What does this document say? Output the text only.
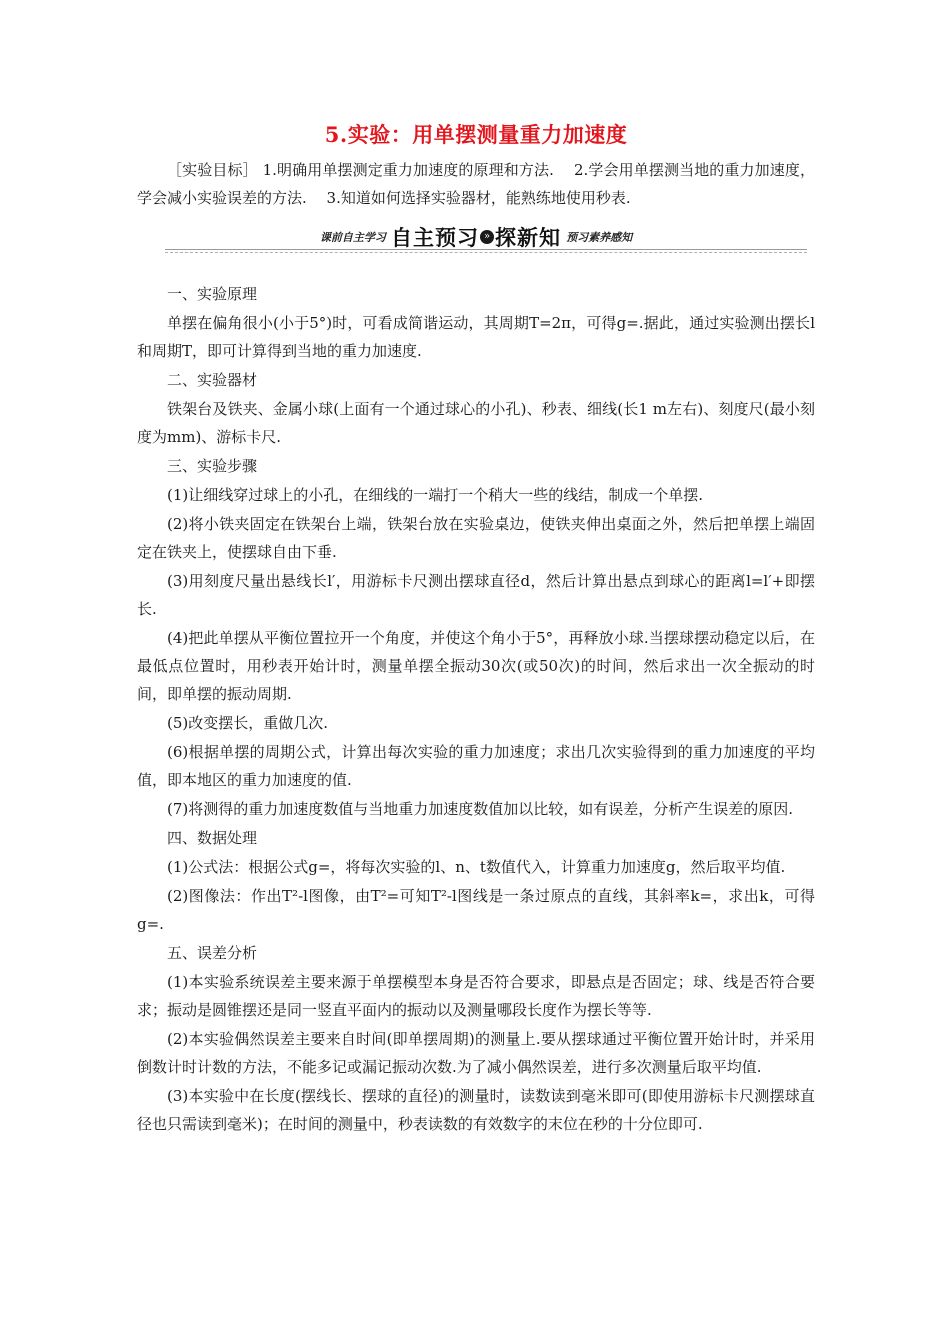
5.实验：用单摆测量重力加速度

［实验目标］ 1.明确用单摆测定重力加速度的原理和方法.　 2.学会用单摆测当地的重力加速度，学会减小实验误差的方法.　 3.知道如何选择实验器材，能熟练地使用秒表.

课前自主学习 自主预习 » 探新知 预习素养感知

一、实验原理

单摆在偏角很小(小于5°)时，可看成简谐运动，其周期T=2π，可得g=.据此，通过实验测出摆长l和周期T，即可计算得到当地的重力加速度.

二、实验器材

铁架台及铁夹、金属小球(上面有一个通过球心的小孔)、秒表、细线(长1 m左右)、刻度尺(最小刻度为mm)、游标卡尺.

三、实验步骤

(1)让细线穿过球上的小孔，在细线的一端打一个稍大一些的线结，制成一个单摆.

(2)将小铁夹固定在铁架台上端，铁架台放在实验桌边，使铁夹伸出桌面之外，然后把单摆上端固定在铁夹上，使摆球自由下垂.

(3)用刻度尺量出悬线长l′，用游标卡尺测出摆球直径d，然后计算出悬点到球心的距离l=l′+即摆长.

(4)把此单摆从平衡位置拉开一个角度，并使这个角小于5°，再释放小球.当摆球摆动稳定以后，在最低点位置时，用秒表开始计时，测量单摆全振动30次(或50次)的时间，然后求出一次全振动的时间，即单摆的振动周期.

(5)改变摆长，重做几次.

(6)根据单摆的周期公式，计算出每次实验的重力加速度；求出几次实验得到的重力加速度的平均值，即本地区的重力加速度的值.

(7)将测得的重力加速度数值与当地重力加速度数值加以比较，如有误差，分析产生误差的原因.

四、数据处理

(1)公式法：根据公式g=，将每次实验的l、n、t数值代入，计算重力加速度g，然后取平均值.

(2)图像法：作出T²-l图像，由T²=可知T²-l图线是一条过原点的直线，其斜率k=，求出k，可得g=.

五、误差分析

(1)本实验系统误差主要来源于单摆模型本身是否符合要求，即悬点是否固定；球、线是否符合要求；振动是圆锥摆还是同一竖直平面内的振动以及测量哪段长度作为摆长等等.

(2)本实验偶然误差主要来自时间(即单摆周期)的测量上.要从摆球通过平衡位置开始计时，并采用倒数计时计数的方法，不能多记或漏记振动次数.为了减小偶然误差，进行多次测量后取平均值.

(3)本实验中在长度(摆线长、摆球的直径)的测量时，读数读到毫米即可(即使用游标卡尺测摆球直径也只需读到毫米)；在时间的测量中，秒表读数的有效数字的末位在秒的十分位即可.
